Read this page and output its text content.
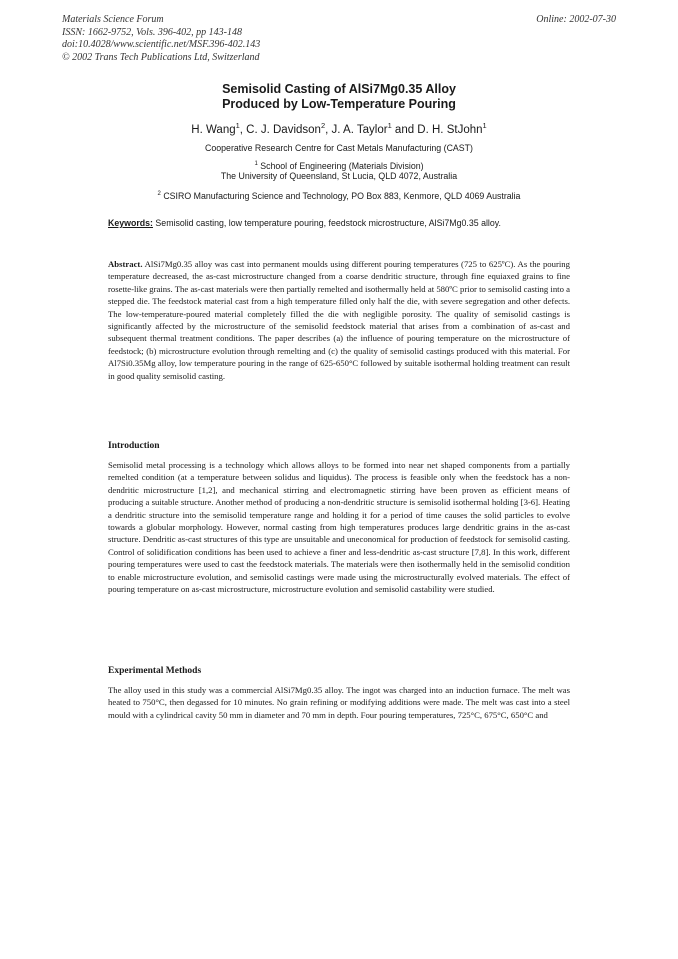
Materials Science Forum
ISSN: 1662-9752, Vols. 396-402, pp 143-148
doi:10.4028/www.scientific.net/MSF.396-402.143
© 2002 Trans Tech Publications Ltd, Switzerland
Online: 2002-07-30
Semisolid Casting of AlSi7Mg0.35 Alloy
Produced by Low-Temperature Pouring
H. Wang$^1$, C. J. Davidson$^2$, J. A. Taylor$^1$ and D. H. StJohn$^1$
Cooperative Research Centre for Cast Metals Manufacturing (CAST)
$^1$ School of Engineering (Materials Division)
The University of Queensland, St Lucia, QLD 4072, Australia
$^2$ CSIRO Manufacturing Science and Technology, PO Box 883, Kenmore, QLD 4069 Australia
Keywords: Semisolid casting, low temperature pouring, feedstock microstructure, AlSi7Mg0.35 alloy.

Abstract. AlSi7Mg0.35 alloy was cast into permanent moulds using different pouring temperatures (725 to 625ºC). As the pouring temperature decreased, the as-cast microstructure changed from a coarse dendritic structure, through fine equiaxed grains to fine rosette-like grains. The as-cast materials were then partially remelted and isothermally held at 580ºC prior to semisolid casting into a stepped die. The feedstock material cast from a high temperature filled only half the die, with severe segregation and other defects. The low-temperature-poured material completely filled the die with negligible porosity. The quality of semisolid castings is significantly affected by the microstructure of the semisolid feedstock material that arises from a combination of as-cast and subsequent thermal treatment conditions. The paper describes (a) the influence of pouring temperature on the microstructure of feedstock; (b) microstructure evolution through remelting and (c) the quality of semisolid castings produced with this material. For Al7Si0.35Mg alloy, low temperature pouring in the range of 625-650°C followed by suitable isothermal holding treatment can result in good quality semisolid casting.

Introduction

Semisolid metal processing is a technology which allows alloys to be formed into near net shaped components from a partially remelted condition (at a temperature between solidus and liquidus). The process is feasible only when the feedstock has a non-dendritic microstructure [1,2], and mechanical stirring and electromagnetic stirring have been proven as efficient means of producing a suitable structure. Another method of producing a non-dendritic structure is semisolid isothermal holding [3-6]. Heating a dendritic structure into the semisolid temperature range and holding it for a period of time causes the solid particles to evolve towards a globular morphology. However, normal casting from high temperatures produces large dendritic grains in the as-cast structure. Dendritic as-cast structures of this type are unsuitable and uneconomical for production of feedstock for semisolid casting. Control of solidification conditions has been used to achieve a finer and less-dendritic as-cast structure [7,8]. In this work, different pouring temperatures were used to cast the feedstock materials. The materials were then isothermally held in the semisolid condition to enable microstructure evolution, and semisolid castings were made using the microstructurally evolved materials. The effect of pouring temperature on as-cast microstructure, microstructure evolution and semisolid castability were studied.

Experimental Methods

The alloy used in this study was a commercial AlSi7Mg0.35 alloy. The ingot was charged into an induction furnace. The melt was heated to 750°C, then degassed for 10 minutes. No grain refining or modifying additions were made. The melt was cast into a steel mould with a cylindrical cavity 50 mm in diameter and 70 mm in depth. Four pouring temperatures, 725°C, 675°C, 650°C and
